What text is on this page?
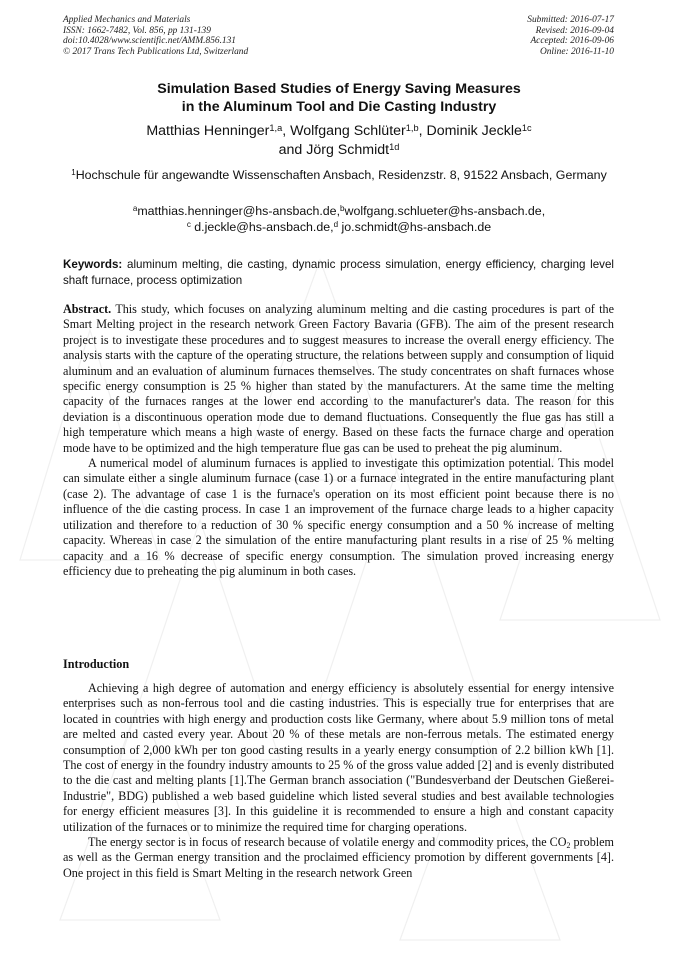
Applied Mechanics and Materials
ISSN: 1662-7482, Vol. 856, pp 131-139
doi:10.4028/www.scientific.net/AMM.856.131
© 2017 Trans Tech Publications Ltd, Switzerland
Submitted: 2016-07-17
Revised: 2016-09-04
Accepted: 2016-09-06
Online: 2016-11-10
Simulation Based Studies of Energy Saving Measures
in the Aluminum Tool and Die Casting Industry
Matthias Henninger$^{1,a}$, Wolfgang Schlüter$^{1,b}$, Dominik Jeckle$^{1c}$
and Jörg Schmidt$^{1d}$
$^1$Hochschule für angewandte Wissenschaften Ansbach, Residenzstr. 8, 91522 Ansbach, Germany
$^a$matthias.henninger@hs-ansbach.de,$^b$wolfgang.schlueter@hs-ansbach.de,
$^c$ d.jeckle@hs-ansbach.de,$^d$ jo.schmidt@hs-ansbach.de
Keywords: aluminum melting, die casting, dynamic process simulation, energy efficiency, charging level shaft furnace, process optimization

Abstract. This study, which focuses on analyzing aluminum melting and die casting procedures is part of the Smart Melting project in the research network Green Factory Bavaria (GFB). The aim of the present research project is to investigate these procedures and to suggest measures to increase the overall energy efficiency. The analysis starts with the capture of the operating structure, the relations between supply and consumption of liquid aluminum and an evaluation of aluminum furnaces themselves. The study concentrates on shaft furnaces whose specific energy consumption is 25 % higher than stated by the manufacturers. At the same time the melting capacity of the furnaces ranges at the lower end according to the manufacturer's data. The reason for this deviation is a discontinuous operation mode due to demand fluctuations. Consequently the flue gas has still a high temperature which means a high waste of energy. Based on these facts the furnace charge and operation mode have to be optimized and the high temperature flue gas can be used to preheat the pig aluminum.

A numerical model of aluminum furnaces is applied to investigate this optimization potential. This model can simulate either a single aluminum furnace (case 1) or a furnace integrated in the entire manufacturing plant (case 2). The advantage of case 1 is the furnace's operation on its most efficient point because there is no influence of the die casting process. In case 1 an improvement of the furnace charge leads to a higher capacity utilization and therefore to a reduction of 30 % specific energy consumption and a 50 % increase of melting capacity. Whereas in case 2 the simulation of the entire manufacturing plant results in a rise of 25 % melting capacity and a 16 % decrease of specific energy consumption. The simulation proved increasing energy efficiency due to preheating the pig aluminum in both cases.

Introduction

Achieving a high degree of automation and energy efficiency is absolutely essential for energy intensive enterprises such as non-ferrous tool and die casting industries. This is especially true for enterprises that are located in countries with high energy and production costs like Germany, where about 5.9 million tons of metal are melted and casted every year. About 20 % of these metals are non-ferrous metals. The estimated energy consumption of 2,000 kWh per ton good casting results in a yearly energy consumption of 2.2 billion kWh [1]. The cost of energy in the foundry industry amounts to 25 % of the gross value added [2] and is evenly distributed to the die cast and melting plants [1].The German branch association ("Bundesverband der Deutschen Gießerei-Industrie", BDG) published a web based guideline which listed several studies and best available technologies for energy efficient measures [3]. In this guideline it is recommended to ensure a high and constant capacity utilization of the furnaces or to minimize the required time for charging operations.

The energy sector is in focus of research because of volatile energy and commodity prices, the $CO_2$ problem as well as the German energy transition and the proclaimed efficiency promotion by different governments [4]. One project in this field is Smart Melting in the research network Green
